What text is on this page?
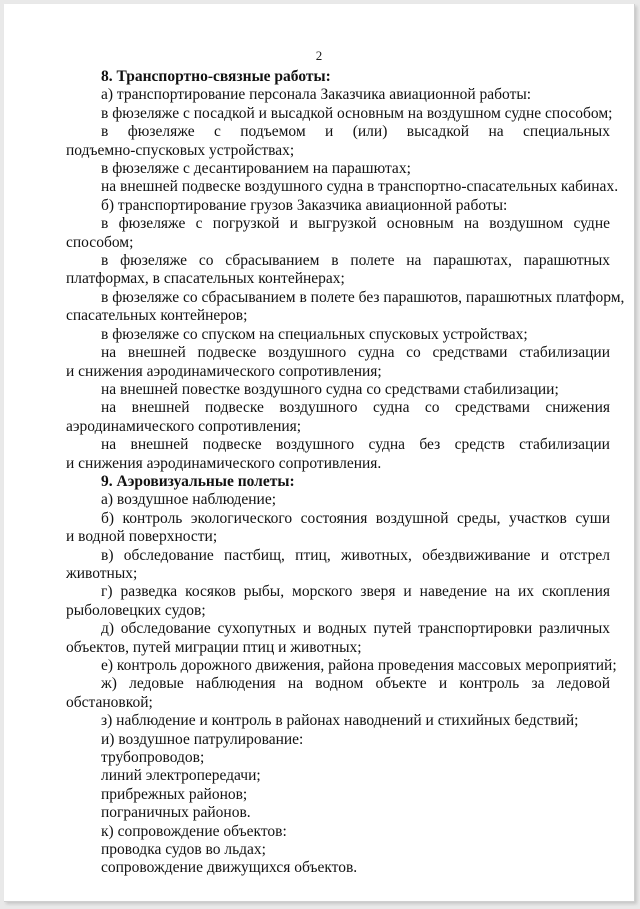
2
8. Транспортно-связные работы:
а) транспортирование персонала Заказчика авиационной работы:
в фюзеляже с посадкой и высадкой основным на воздушном судне способом;
в фюзеляже с подъемом и (или) высадкой на специальных
подъемно-спусковых устройствах;
в фюзеляже с десантированием на парашютах;
на внешней подвеске воздушного судна в транспортно-спасательных кабинах.
б) транспортирование грузов Заказчика авиационной работы:
в фюзеляже с погрузкой и выгрузкой основным на воздушном судне
способом;
в фюзеляже со сбрасыванием в полете на парашютах, парашютных
платформах, в спасательных контейнерах;
в фюзеляже со сбрасыванием в полете без парашютов, парашютных платформ,
спасательных контейнеров;
в фюзеляже со спуском на специальных спусковых устройствах;
на внешней подвеске воздушного судна со средствами стабилизации
и снижения аэродинамического сопротивления;
на внешней повестке воздушного судна со средствами стабилизации;
на внешней подвеске воздушного судна со средствами снижения
аэродинамического сопротивления;
на внешней подвеске воздушного судна без средств стабилизации
и снижения аэродинамического сопротивления.
9. Аэровизуальные полеты:
а) воздушное наблюдение;
б) контроль экологического состояния воздушной среды, участков суши
и водной поверхности;
в) обследование пастбищ, птиц, животных, обездвиживание и отстрел
животных;
г) разведка косяков рыбы, морского зверя и наведение на их скопления
рыболовецких судов;
д) обследование сухопутных и водных путей транспортировки различных
объектов, путей миграции птиц и животных;
е) контроль дорожного движения, района проведения массовых мероприятий;
ж) ледовые наблюдения на водном объекте и контроль за ледовой
обстановкой;
з) наблюдение и контроль в районах наводнений и стихийных бедствий;
и) воздушное патрулирование:
трубопроводов;
линий электропередачи;
прибрежных районов;
пограничных районов.
к) сопровождение объектов:
проводка судов во льдах;
сопровождение движущихся объектов.
